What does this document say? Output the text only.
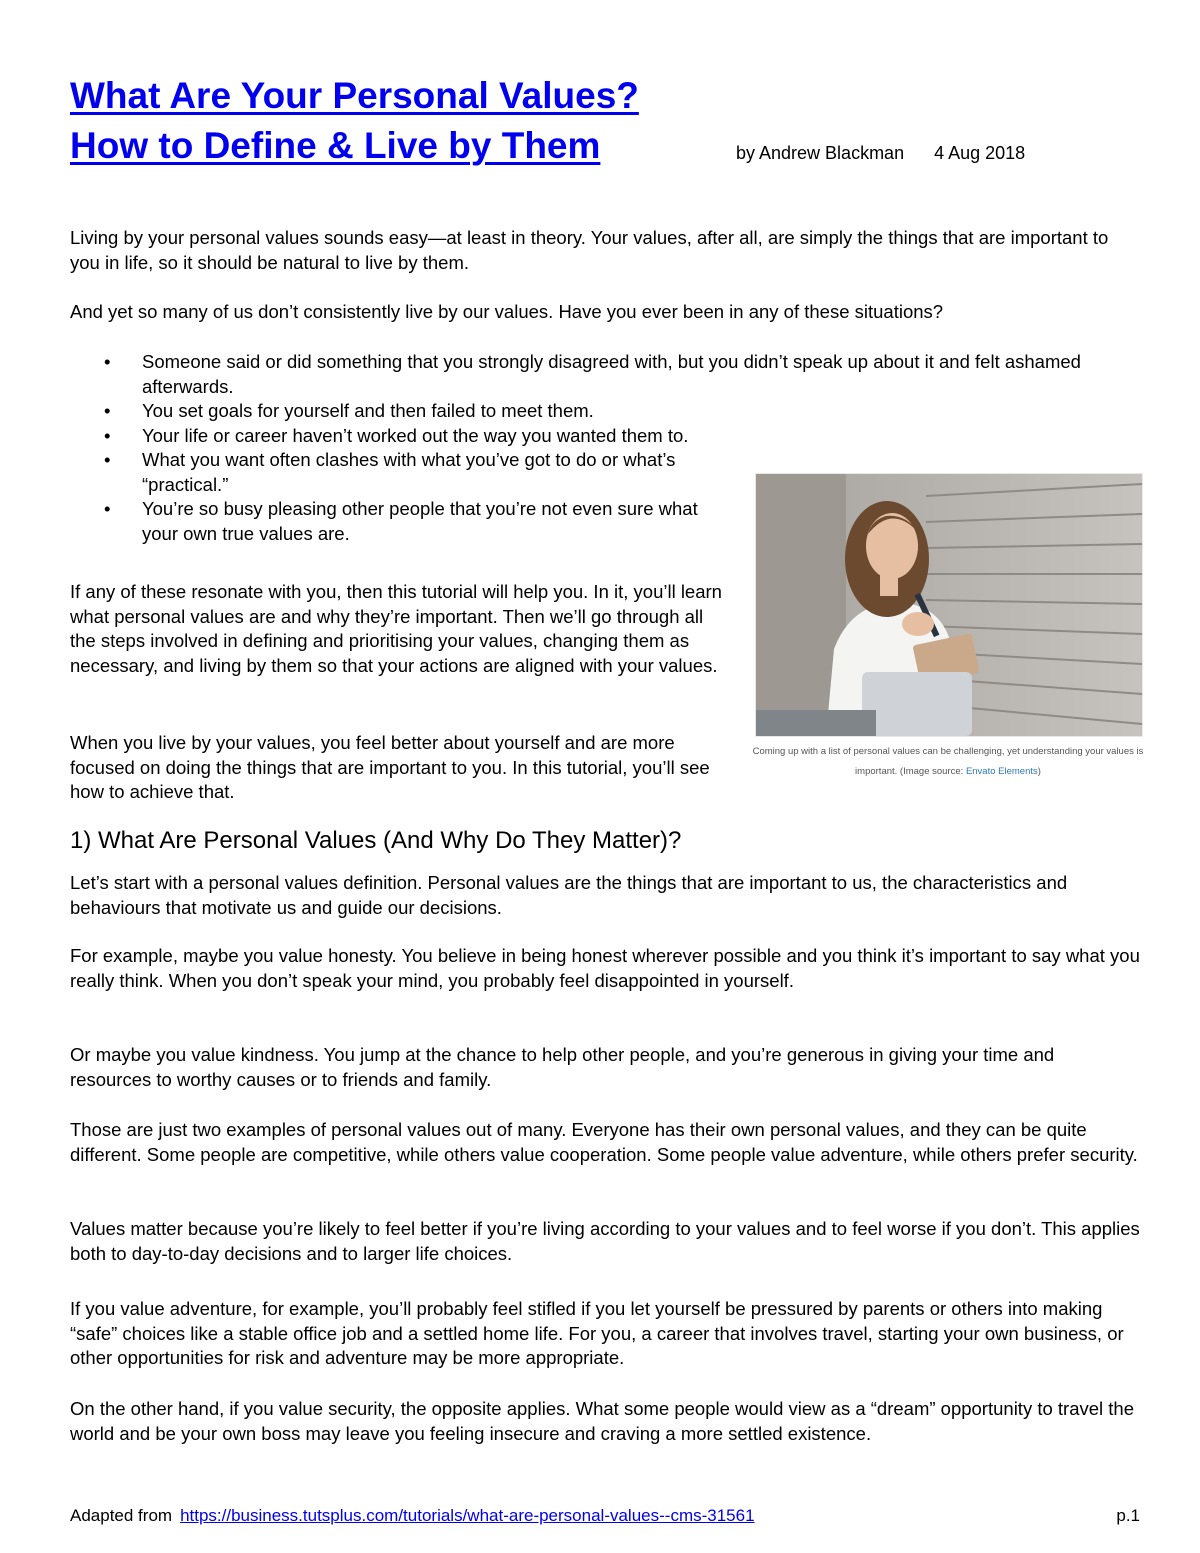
What Are Your Personal Values?
How to Define & Live by Them	by Andrew Blackman 4 Aug 2018

Living by your personal values sounds easy—at least in theory. Your values, after all, are simply the things that are important to you in life, so it should be natural to live by them.

And yet so many of us don’t consistently live by our values. Have you ever been in any of these situations?

• Someone said or did something that you strongly disagreed with, but you didn’t speak up about it and felt ashamed afterwards.
• You set goals for yourself and then failed to meet them.
• Your life or career haven’t worked out the way you wanted them to.
• What you want often clashes with what you’ve got to do or what’s “practical.”
• You’re so busy pleasing other people that you’re not even sure what your own true values are.

If any of these resonate with you, then this tutorial will help you. In it, you’ll learn what personal values are and why they’re important. Then we’ll go through all the steps involved in defining and prioritising your values, changing them as necessary, and living by them so that your actions are aligned with your values.

When you live by your values, you feel better about yourself and are more focused on doing the things that are important to you. In this tutorial, you’ll see how to achieve that.

Coming up with a list of personal values can be challenging, yet understanding your values is important. (Image source: Envato Elements)
1) What Are Personal Values (And Why Do They Matter)?

Let’s start with a personal values definition. Personal values are the things that are important to us, the characteristics and behaviours that motivate us and guide our decisions.

For example, maybe you value honesty. You believe in being honest wherever possible and you think it’s important to say what you really think. When you don’t speak your mind, you probably feel disappointed in yourself.

Or maybe you value kindness. You jump at the chance to help other people, and you’re generous in giving your time and resources to worthy causes or to friends and family.

Those are just two examples of personal values out of many. Everyone has their own personal values, and they can be quite different. Some people are competitive, while others value cooperation. Some people value adventure, while others prefer security.

Values matter because you’re likely to feel better if you’re living according to your values and to feel worse if you don’t. This applies both to day-to-day decisions and to larger life choices.

If you value adventure, for example, you’ll probably feel stifled if you let yourself be pressured by parents or others into making “safe” choices like a stable office job and a settled home life. For you, a career that involves travel, starting your own business, or other opportunities for risk and adventure may be more appropriate.

On the other hand, if you value security, the opposite applies. What some people would view as a “dream” opportunity to travel the world and be your own boss may leave you feeling insecure and craving a more settled existence.

Adapted from https://business.tutsplus.com/tutorials/what-are-personal-values--cms-31561	p.1
